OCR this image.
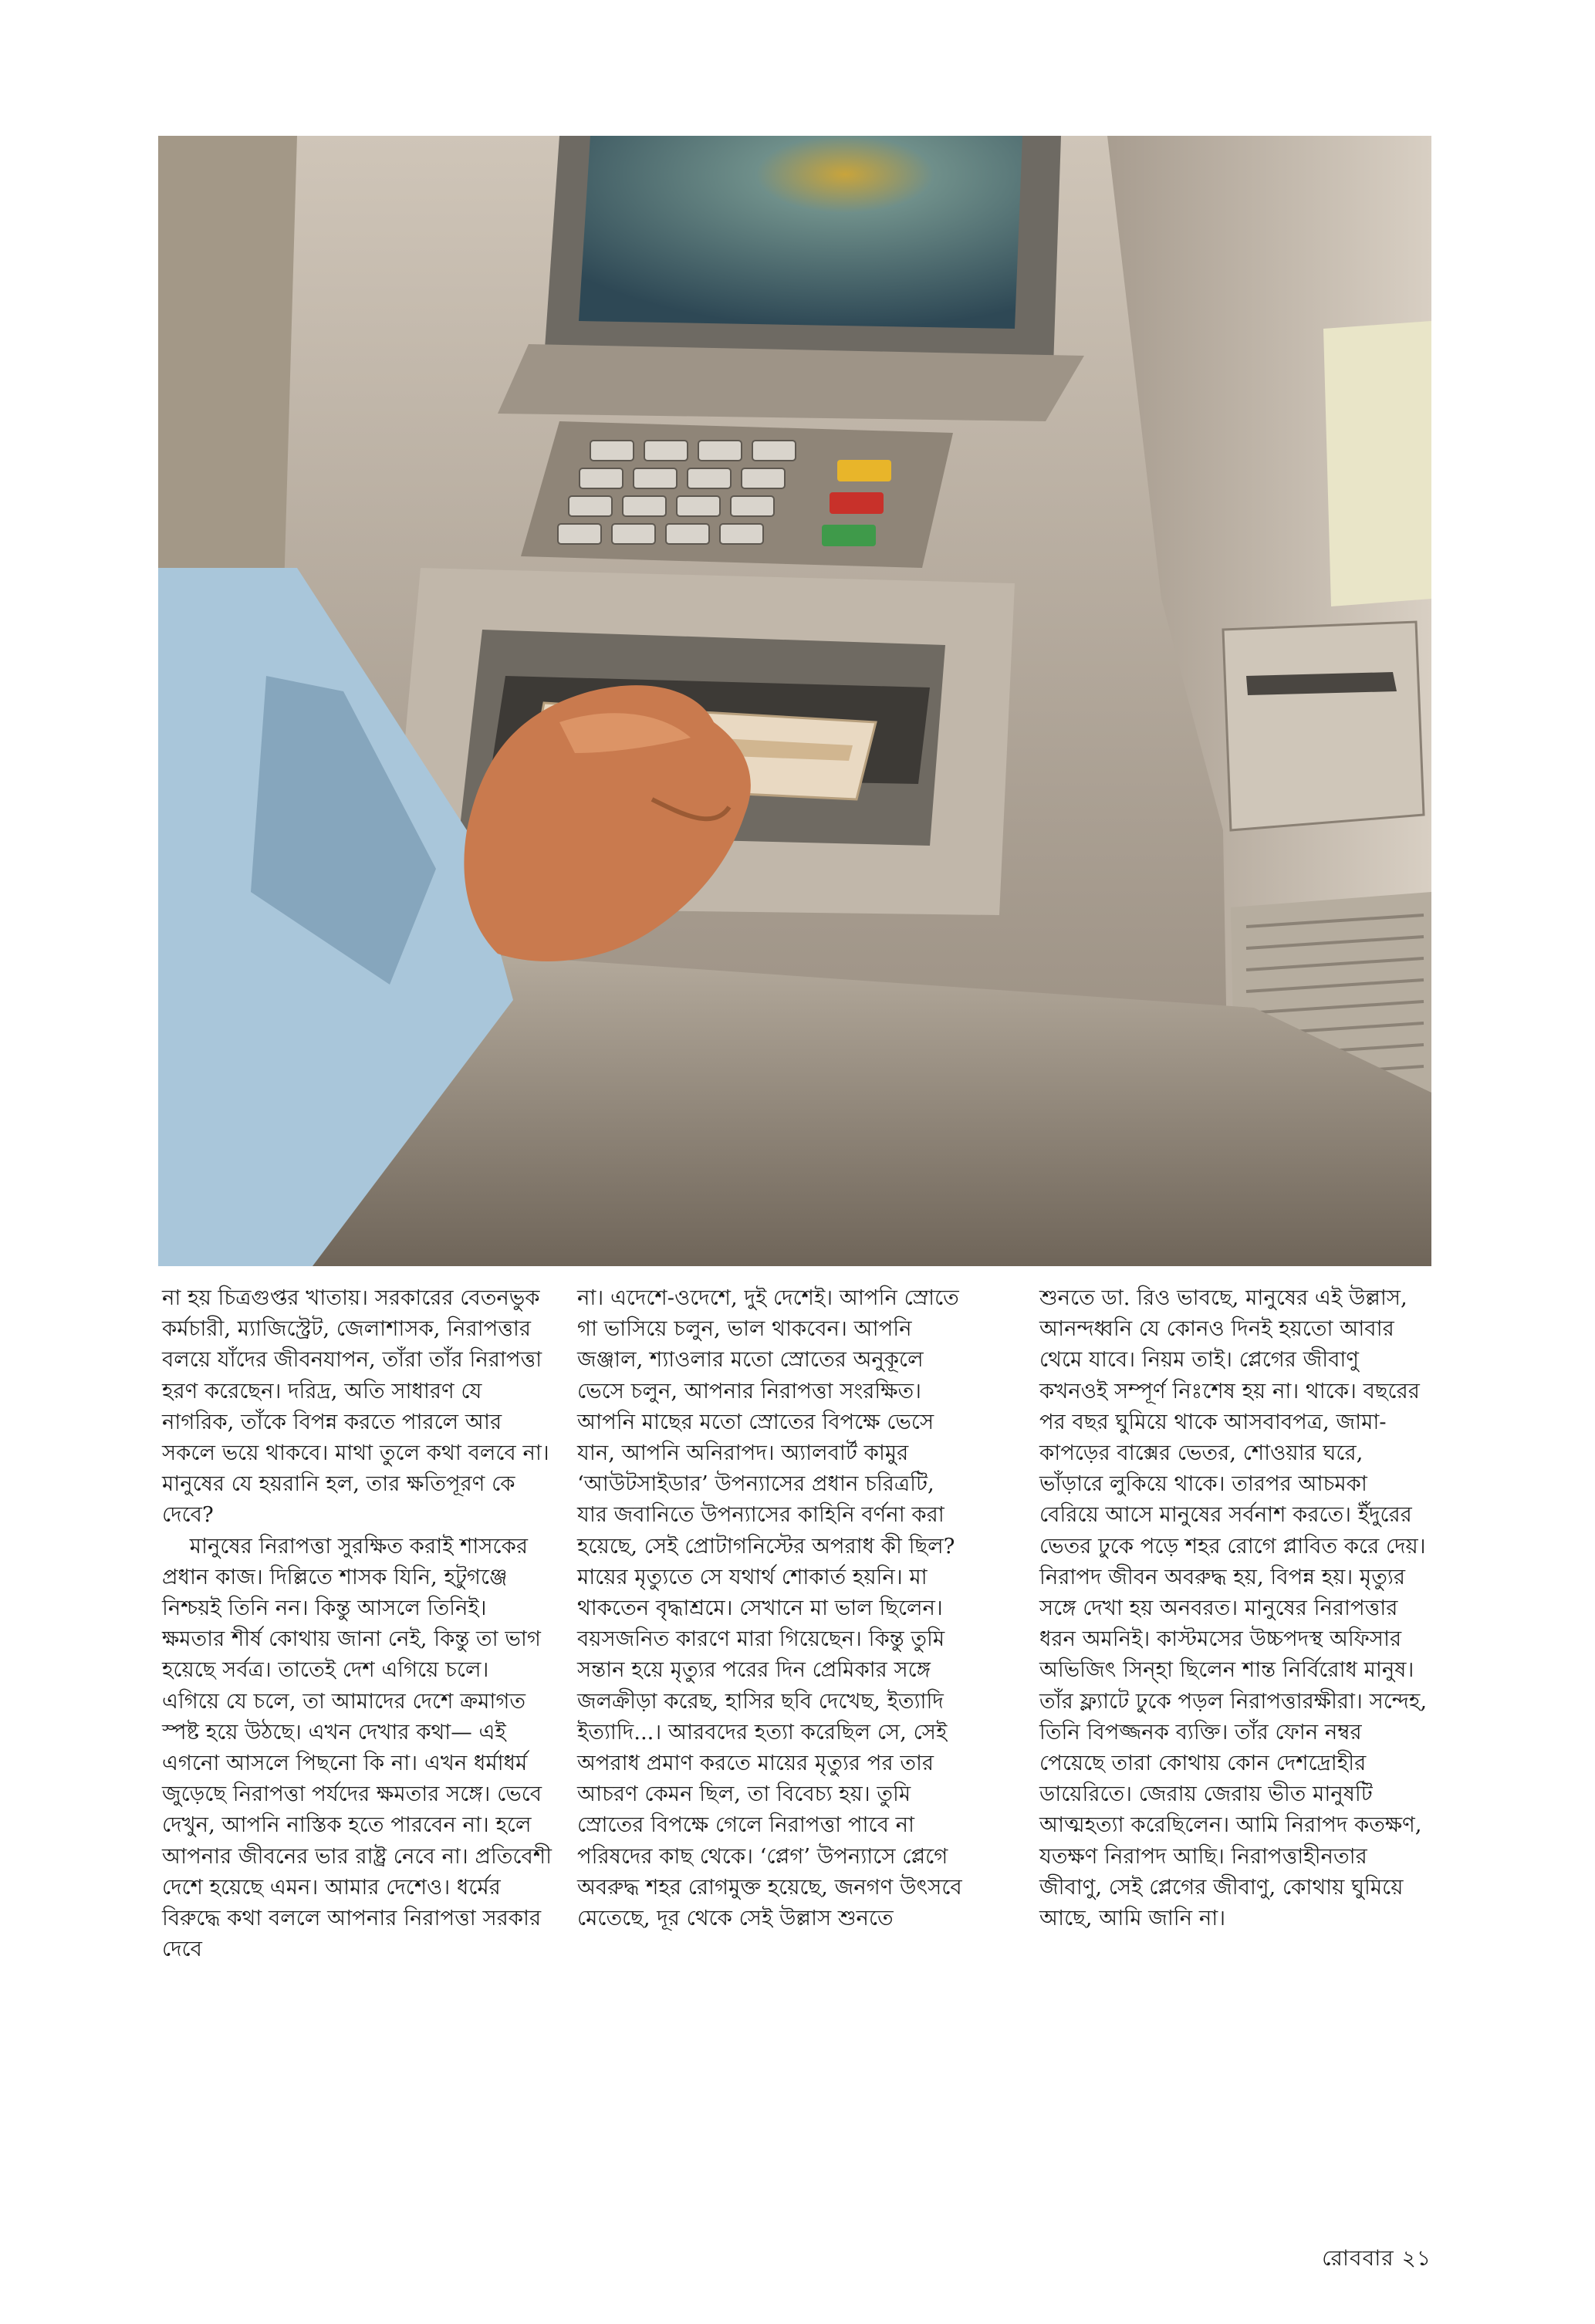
না হয় চিত্রগুপ্তর খাতায়। সরকারের বেতনভুক কর্মচারী, ম্যাজিস্ট্রেট, জেলাশাসক, নিরাপত্তার বলয়ে যাঁদের জীবনযাপন, তাঁরা তাঁর নিরাপত্তা হরণ করেছেন। দরিদ্র, অতি সাধারণ যে নাগরিক, তাঁকে বিপন্ন করতে পারলে আর সকলে ভয়ে থাকবে। মাথা তুলে কথা বলবে না। মানুষের যে হয়রানি হল, তার ক্ষতিপূরণ কে দেবে?

মানুষের নিরাপত্তা সুরক্ষিত করাই শাসকের প্রধান কাজ। দিল্লিতে শাসক যিনি, হটুগঞ্জে নিশ্চয়ই তিনি নন। কিন্তু আসলে তিনিই। ক্ষমতার শীর্ষ কোথায় জানা নেই, কিন্তু তা ভাগ হয়েছে সর্বত্র। তাতেই দেশ এগিয়ে চলে। এগিয়ে যে চলে, তা আমাদের দেশে ক্রমাগত স্পষ্ট হয়ে উঠছে। এখন দেখার কথা— এই এগনো আসলে পিছনো কি না। এখন ধর্মাধর্ম জুড়েছে নিরাপত্তা পর্যদের ক্ষমতার সঙ্গে। ভেবে দেখুন, আপনি নাস্তিক হতে পারবেন না। হলে আপনার জীবনের ভার রাষ্ট্র নেবে না। প্রতিবেশী দেশে হয়েছে এমন। আমার দেশেও। ধর্মের বিরুদ্ধে কথা বললে আপনার নিরাপত্তা সরকার দেবে

না। এদেশে-ওদেশে, দুই দেশেই। আপনি স্রোতে গা ভাসিয়ে চলুন, ভাল থাকবেন। আপনি জঞ্জাল, শ্যাওলার মতো স্রোতের অনুকূলে ভেসে চলুন, আপনার নিরাপত্তা সংরক্ষিত। আপনি মাছের মতো স্রোতের বিপক্ষে ভেসে যান, আপনি অনিরাপদ। অ্যালবার্ট কামুর ‘আউটসাইডার’ উপন্যাসের প্রধান চরিত্রটি, যার জবানিতে উপন্যাসের কাহিনি বর্ণনা করা হয়েছে, সেই প্রোটাগনিস্টের অপরাধ কী ছিল? মায়ের মৃত্যুতে সে যথার্থ শোকার্ত হয়নি। মা থাকতেন বৃদ্ধাশ্রমে। সেখানে মা ভাল ছিলেন। বয়সজনিত কারণে মারা গিয়েছেন। কিন্তু তুমি সন্তান হয়ে মৃত্যুর পরের দিন প্রেমিকার সঙ্গে জলক্রীড়া করেছ, হাসির ছবি দেখেছ, ইত্যাদি ইত্যাদি...। আরবদের হত্যা করেছিল সে, সেই অপরাধ প্রমাণ করতে মায়ের মৃত্যুর পর তার আচরণ কেমন ছিল, তা বিবেচ্য হয়। তুমি স্রোতের বিপক্ষে গেলে নিরাপত্তা পাবে না পরিষদের কাছ থেকে। ‘প্লেগ’ উপন্যাসে প্লেগে অবরুদ্ধ শহর রোগমুক্ত হয়েছে, জনগণ উৎসবে মেতেছে, দূর থেকে সেই উল্লাস শুনতে

শুনতে ডা. রিও ভাবছে, মানুষের এই উল্লাস, আনন্দধ্বনি যে কোনও দিনই হয়তো আবার থেমে যাবে। নিয়ম তাই। প্লেগের জীবাণু কখনওই সম্পূর্ণ নিঃশেষ হয় না। থাকে। বছরের পর বছর ঘুমিয়ে থাকে আসবাবপত্র, জামা-কাপড়ের বাক্সের ভেতর, শোওয়ার ঘরে, ভাঁড়ারে লুকিয়ে থাকে। তারপর আচমকা বেরিয়ে আসে মানুষের সর্বনাশ করতে। ইঁদুরের ভেতর ঢুকে পড়ে শহর রোগে প্লাবিত করে দেয়। নিরাপদ জীবন অবরুদ্ধ হয়, বিপন্ন হয়। মৃত্যুর সঙ্গে দেখা হয় অনবরত। মানুষের নিরাপত্তার ধরন অমনিই। কাস্টমসের উচ্চপদস্থ অফিসার অভিজিৎ সিন্হা ছিলেন শান্ত নির্বিরোধ মানুষ। তাঁর ফ্ল্যাটে ঢুকে পড়ল নিরাপত্তারক্ষীরা। সন্দেহ, তিনি বিপজ্জনক ব্যক্তি। তাঁর ফোন নম্বর পেয়েছে তারা কোথায় কোন দেশদ্রোহীর ডায়েরিতে। জেরায় জেরায় ভীত মানুষটি আত্মহত্যা করেছিলেন। আমি নিরাপদ কতক্ষণ, যতক্ষণ নিরাপদ আছি। নিরাপত্তাহীনতার জীবাণু, সেই প্লেগের জীবাণু, কোথায় ঘুমিয়ে আছে, আমি জানি না।

রোববার ২১
